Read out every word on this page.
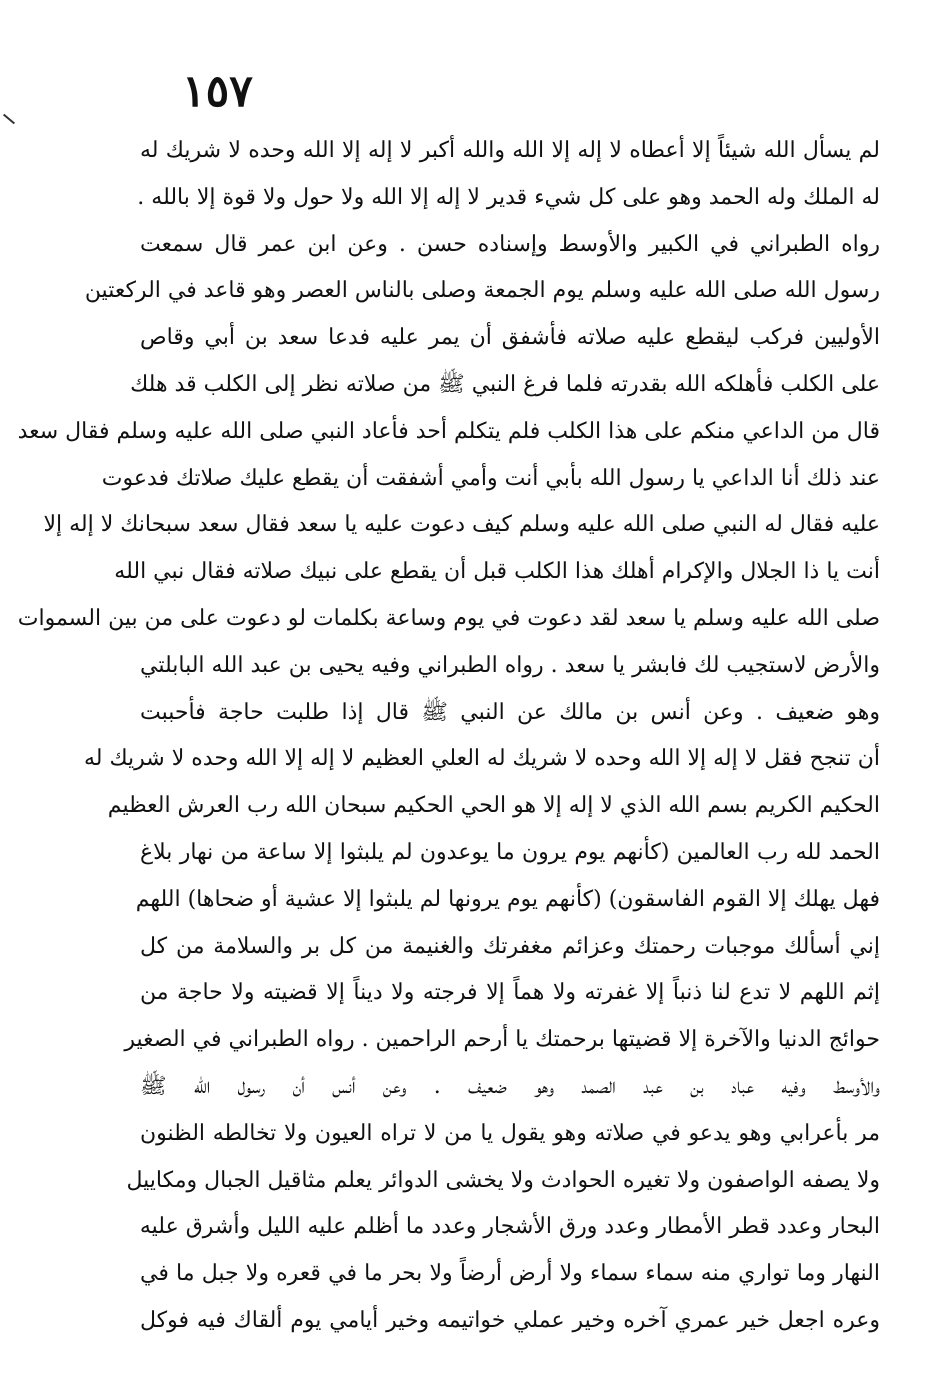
١٥٧
لم يسأل الله شيئاً إلا أعطاه لا إله إلا الله والله أكبر لا إله إلا الله وحده لا شريك له
له الملك وله الحمد وهو على كل شيء قدير لا إله إلا الله ولا حول ولا قوة إلا بالله .
رواه الطبراني في الكبير والأوسط وإسناده حسن . وعن ابن عمر قال سمعت
رسول الله صلى الله عليه وسلم يوم الجمعة وصلى بالناس العصر وهو قاعد في الركعتين
الأوليين فركب ليقطع عليه صلاته فأشفق أن يمر عليه فدعا سعد بن أبي وقاص
على الكلب فأهلكه الله بقدرته فلما فرغ النبي ﷺ من صلاته نظر إلى الكلب قد هلك
قال من الداعي منكم على هذا الكلب فلم يتكلم أحد فأعاد النبي صلى الله عليه وسلم فقال سعد
عند ذلك أنا الداعي يا رسول الله بأبي أنت وأمي أشفقت أن يقطع عليك صلاتك فدعوت
عليه فقال له النبي صلى الله عليه وسلم كيف دعوت عليه يا سعد فقال سعد سبحانك لا إله إلا
أنت يا ذا الجلال والإكرام أهلك هذا الكلب قبل أن يقطع على نبيك صلاته فقال نبي الله
صلى الله عليه وسلم يا سعد لقد دعوت في يوم وساعة بكلمات لو دعوت على من بين السموات
والأرض لاستجيب لك فابشر يا سعد . رواه الطبراني وفيه يحيى بن عبد الله البابلتي
وهو ضعيف . وعن أنس بن مالك عن النبي ﷺ قال إذا طلبت حاجة فأحببت
أن تنجح فقل لا إله إلا الله وحده لا شريك له العلي العظيم لا إله إلا الله وحده لا شريك له
الحكيم الكريم بسم الله الذي لا إله إلا هو الحي الحكيم سبحان الله رب العرش العظيم
الحمد لله رب العالمين (كأنهم يوم يرون ما يوعدون لم يلبثوا إلا ساعة من نهار بلاغ
فهل يهلك إلا القوم الفاسقون) (كأنهم يوم يرونها لم يلبثوا إلا عشية أو ضحاها) اللهم
إني أسألك موجبات رحمتك وعزائم مغفرتك والغنيمة من كل بر والسلامة من كل
إثم اللهم لا تدع لنا ذنباً إلا غفرته ولا هماً إلا فرجته ولا ديناً إلا قضيته ولا حاجة من
حوائج الدنيا والآخرة إلا قضيتها برحمتك يا أرحم الراحمين . رواه الطبراني في الصغير
والأوسط وفيه عباد بن عبد الصمد وهو ضعيف . وعن أنس أن رسول الله ﷺ
مر بأعرابي وهو يدعو في صلاته وهو يقول يا من لا تراه العيون ولا تخالطه الظنون
ولا يصفه الواصفون ولا تغيره الحوادث ولا يخشى الدوائر يعلم مثاقيل الجبال ومكاييل
البحار وعدد قطر الأمطار وعدد ورق الأشجار وعدد ما أظلم عليه الليل وأشرق عليه
النهار وما تواري منه سماء سماء ولا أرض أرضاً ولا بحر ما في قعره ولا جبل ما في
وعره اجعل خير عمري آخره وخير عملي خواتيمه وخير أيامي يوم ألقاك فيه فوكل
